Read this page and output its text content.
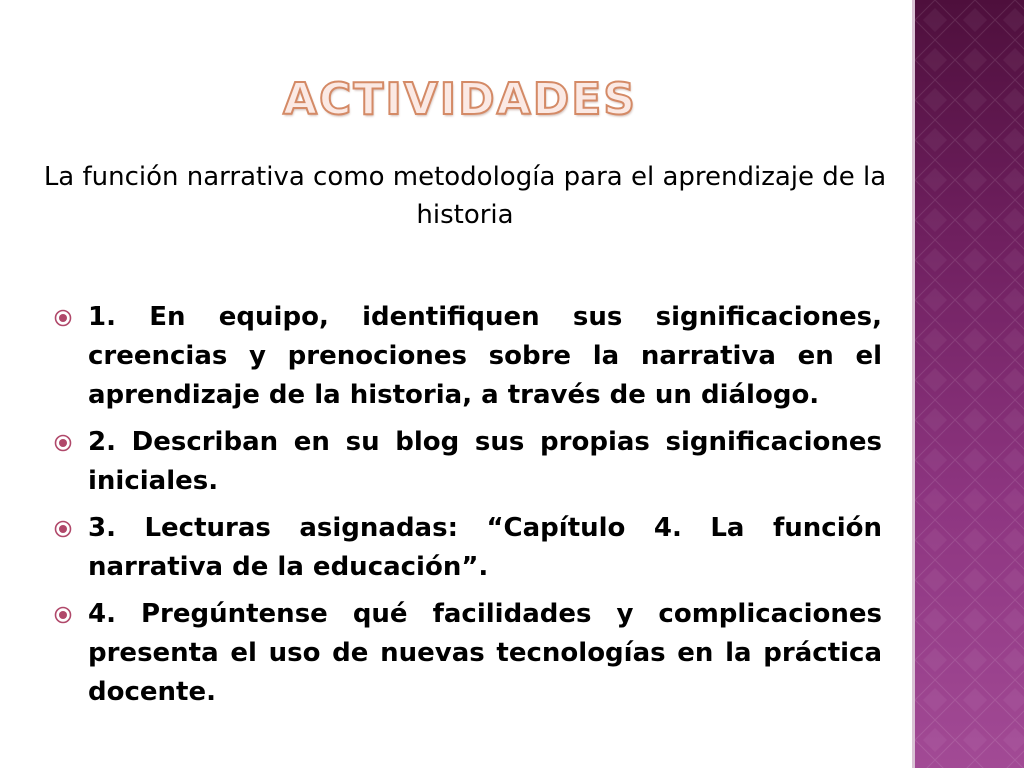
ACTIVIDADES
La función narrativa como metodología para el aprendizaje de la historia
1. En equipo, identifiquen sus significaciones, creencias y prenociones sobre la narrativa en el aprendizaje de la historia, a través de un diálogo.
2. Describan en su blog sus propias significaciones iniciales.
3. Lecturas asignadas: “Capítulo 4. La función narrativa de la educación”.
4. Pregúntense qué facilidades y complicaciones presenta el uso de nuevas tecnologías en la práctica docente.
